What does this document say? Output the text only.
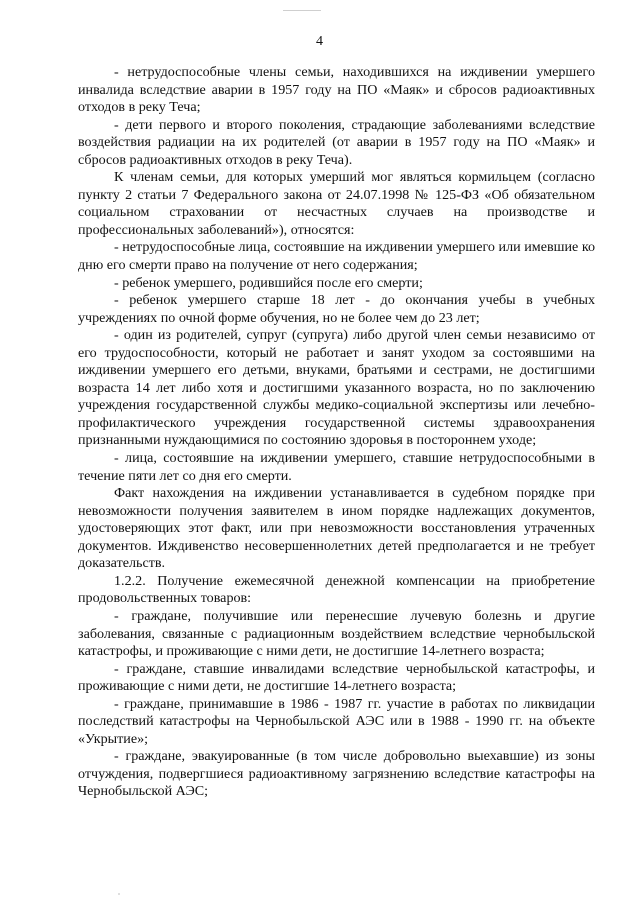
4

- нетрудоспособные члены семьи, находившихся на иждивении умершего инвалида вследствие аварии в 1957 году на ПО «Маяк» и сбросов радиоактивных отходов в реку Теча;

- дети первого и второго поколения, страдающие заболеваниями вследствие воздействия радиации на их родителей (от аварии в 1957 году на ПО «Маяк» и сбросов радиоактивных отходов в реку Теча).

К членам семьи, для которых умерший мог являться кормильцем (согласно пункту 2 статьи 7 Федерального закона от 24.07.1998 № 125-ФЗ «Об обязательном социальном страховании от несчастных случаев на производстве и профессиональных заболеваний»), относятся:

- нетрудоспособные лица, состоявшие на иждивении умершего или имевшие ко дню его смерти право на получение от него содержания;

- ребенок умершего, родившийся после его смерти;

- ребенок умершего старше 18 лет - до окончания учебы в учебных учреждениях по очной форме обучения, но не более чем до 23 лет;

- один из родителей, супруг (супруга) либо другой член семьи независимо от его трудоспособности, который не работает и занят уходом за состоявшими на иждивении умершего его детьми, внуками, братьями и сестрами, не достигшими возраста 14 лет либо хотя и достигшими указанного возраста, но по заключению учреждения государственной службы медико-социальной экспертизы или лечебно-профилактического учреждения государственной системы здравоохранения признанными нуждающимися по состоянию здоровья в постороннем уходе;

- лица, состоявшие на иждивении умершего, ставшие нетрудоспособными в течение пяти лет со дня его смерти.

Факт нахождения на иждивении устанавливается в судебном порядке при невозможности получения заявителем в ином порядке надлежащих документов, удостоверяющих этот факт, или при невозможности восстановления утраченных документов. Иждивенство несовершеннолетних детей предполагается и не требует доказательств.

1.2.2. Получение ежемесячной денежной компенсации на приобретение продовольственных товаров:

- граждане, получившие или перенесшие лучевую болезнь и другие заболевания, связанные с радиационным воздействием вследствие чернобыльской катастрофы, и проживающие с ними дети, не достигшие 14-летнего возраста;

- граждане, ставшие инвалидами вследствие чернобыльской катастрофы, и проживающие с ними дети, не достигшие 14-летнего возраста;

- граждане, принимавшие в 1986 - 1987 гг. участие в работах по ликвидации последствий катастрофы на Чернобыльской АЭС или в 1988 - 1990 гг. на объекте «Укрытие»;

- граждане, эвакуированные (в том числе добровольно выехавшие) из зоны отчуждения, подвергшиеся радиоактивному загрязнению вследствие катастрофы на Чернобыльской АЭС;
